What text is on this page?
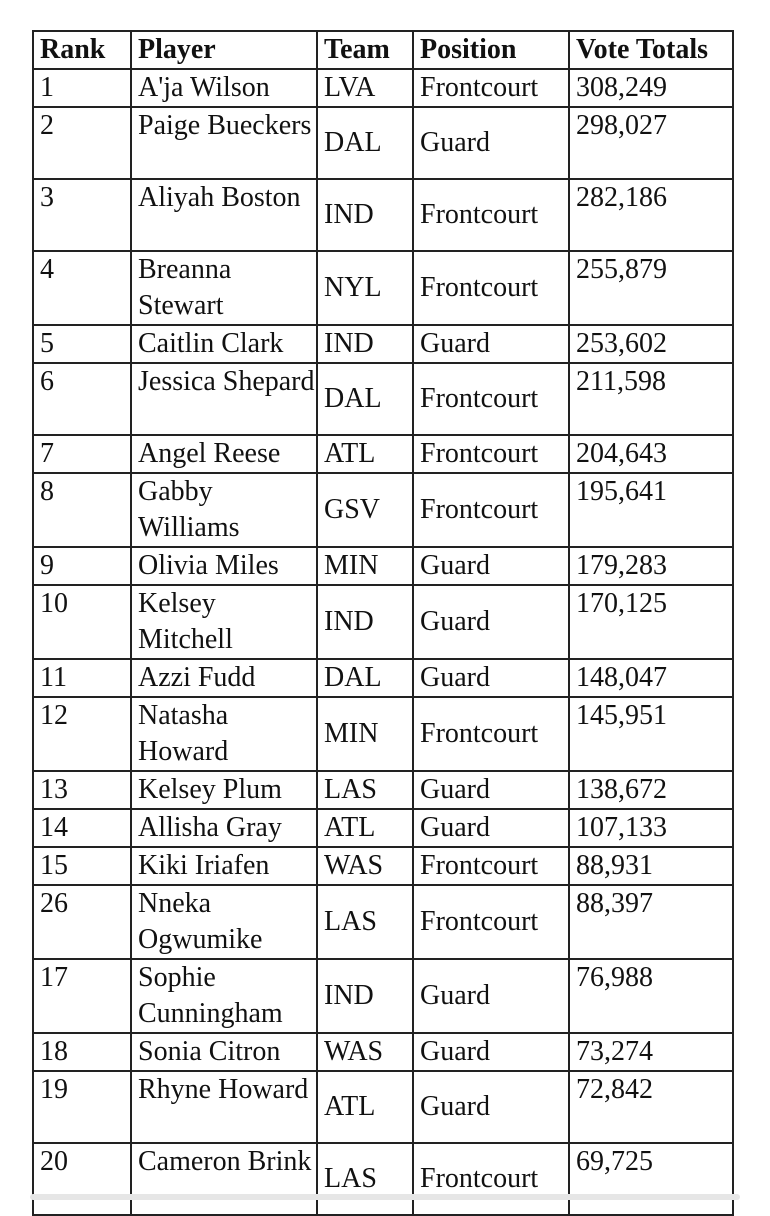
Rank	Player	Team	Position	Vote Totals
1	A'ja Wilson	LVA	Frontcourt	308,249
2	Paige Bueckers	DAL	Guard	298,027
3	Aliyah Boston	IND	Frontcourt	282,186
4	Breanna Stewart	NYL	Frontcourt	255,879
5	Caitlin Clark	IND	Guard	253,602
6	Jessica Shepard	DAL	Frontcourt	211,598
7	Angel Reese	ATL	Frontcourt	204,643
8	Gabby Williams	GSV	Frontcourt	195,641
9	Olivia Miles	MIN	Guard	179,283
10	Kelsey Mitchell	IND	Guard	170,125
11	Azzi Fudd	DAL	Guard	148,047
12	Natasha Howard	MIN	Frontcourt	145,951
13	Kelsey Plum	LAS	Guard	138,672
14	Allisha Gray	ATL	Guard	107,133
15	Kiki Iriafen	WAS	Frontcourt	88,931
26	Nneka Ogwumike	LAS	Frontcourt	88,397
17	Sophie Cunningham	IND	Guard	76,988
18	Sonia Citron	WAS	Guard	73,274
19	Rhyne Howard	ATL	Guard	72,842
20	Cameron Brink	LAS	Frontcourt	69,725
